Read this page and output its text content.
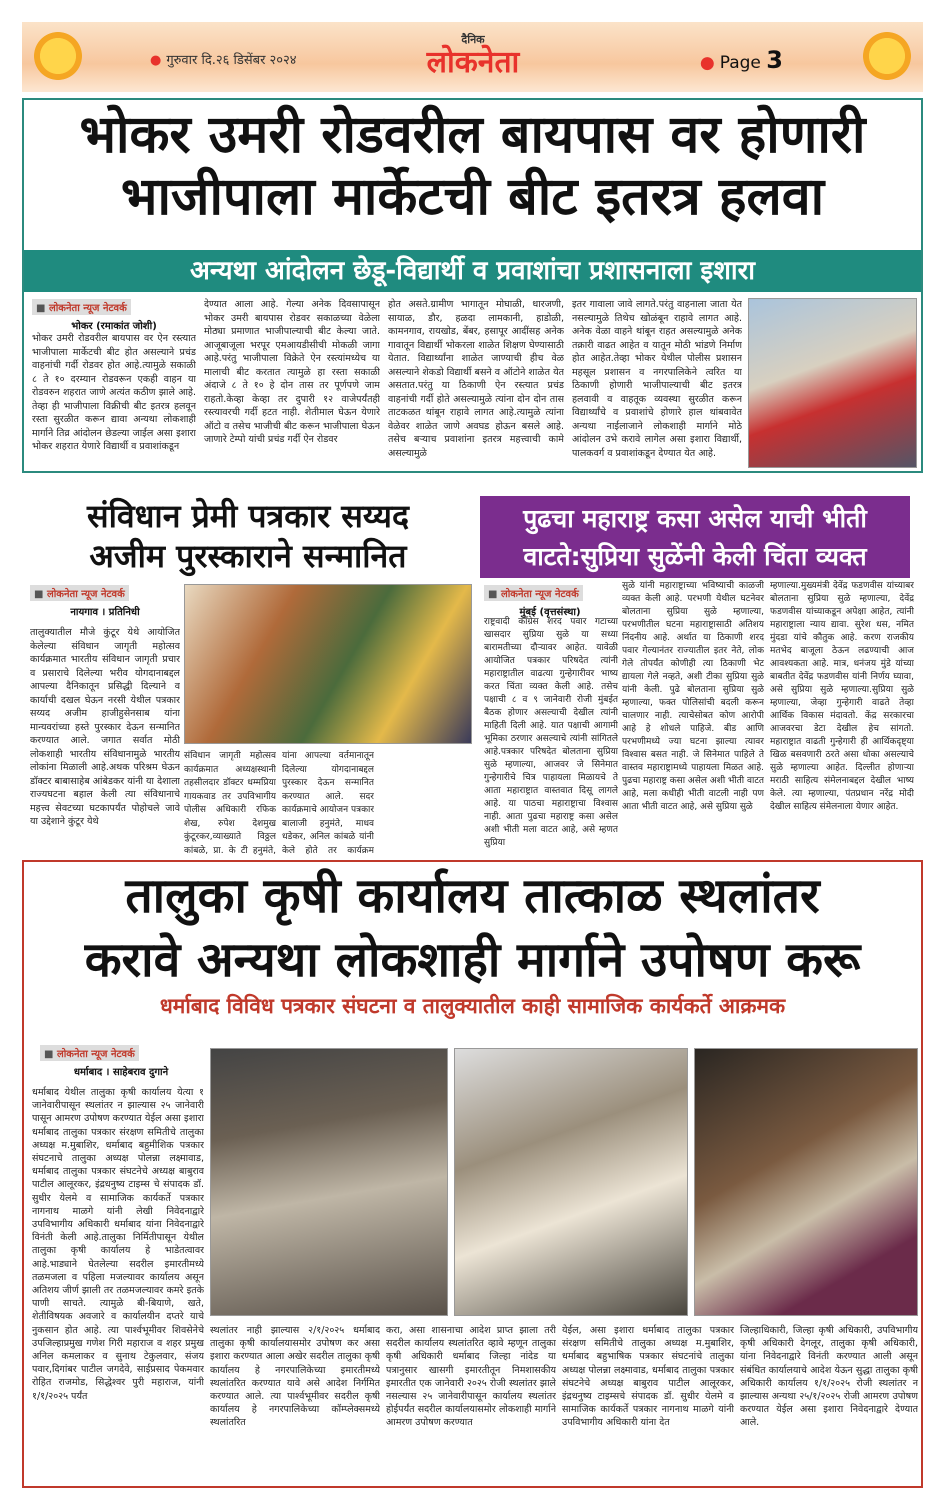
● गुरुवार दि.२६ डिसेंबर २०२४
दैनिक
लोकनेता
●	Page 3
भोकर उमरी रोडवरील बायपास वर होणारी
भाजीपाला मार्केटची बीट इतरत्र हलवा
अन्यथा आंदोलन छेडू-विद्यार्थी व प्रवाशांचा प्रशासनाला इशारा
■ लोकनेता न्यूज नेटवर्क
भोकर (रमाकांत जोशी)
भोकर उमरी रोडवरील बायपास वर ऐन रस्त्यात भाजीपाला मार्केटची बीट होत असल्याने प्रचंड वाहनांची गर्दी रोडवर होत आहे.त्यामुळे सकाळी ८ ते १० दरम्यान रोडवरून एकही वाहन या रोडवरुन शहरात जाणे अत्यंत कठीण झाले आहे. तेव्हा ही भाजीपाला विक्रीची बीट इतरत्र हलवून रस्ता सुरळीत करून द्यावा अन्यथा लोकशाही मार्गाने तिव्र आंदोलन छेडल्या जाईल असा इशारा भोकर शहरात येणारे विद्यार्थी व प्रवाशांकडून
देण्यात आला आहे. गेल्या अनेक दिवसापासून भोकर उमरी बायपास रोडवर सकाळच्या वेळेला मोठ्या प्रमाणात भाजीपाल्याची बीट केल्या जाते. आजूबाजूला भरपूर एमआयडीसीची मोकळी जागा आहे.परंतु भाजीपाला विक्रेते ऐन रस्त्यांमध्येच या मालाची बीट करतात त्यामुळे हा रस्ता सकाळी अंदाजे ८ ते १० हे दोन तास तर पूर्णपणे जाम राहतो.केव्हा केव्हा तर दुपारी १२ वाजेपर्यंतही रस्त्यावरची गर्दी हटत नाही. शेतीमाल घेऊन येणारे ऑटो व तसेच भाजीची बीट करून भाजीपाला घेऊन जाणारे टेम्पो यांची प्रचंड गर्दी ऐन रोडवर
होत असते.ग्रामीण भागातून मोघाळी, धारजणी, सायाळ, डौर, हळदा लामकानी, हाडोळी, कामनगाव, रायखोड, बेंबर, हसापूर आदींसह अनेक गावातून विद्यार्थी भोकरला शाळेत शिक्षण घेण्यासाठी येतात. विद्यार्थ्यांना शाळेत जाण्याची हीच वेळ असल्याने शेकडो विद्यार्थी बसने व ऑटोने शाळेत येत असतात.परंतु या ठिकाणी ऐन रस्त्यात प्रचंड वाहनांची गर्दी होते असल्यामुळे त्यांना दोन दोन तास ताटकळत थांबून राहावे लागत आहे.त्यामुळे त्यांना वेळेवर शाळेत जाणे अवघड होऊन बसले आहे. तसेच बऱ्याच प्रवाशांना इतरत्र महत्त्वाची कामे असल्यामुळे
इतर गावाला जावे लागते.परंतु वाहनाला जाता येत नसल्यामुळे तिथेच खोळंबून राहावे लागत आहे. अनेक वेळा वाहने थांबून राहत असल्यामुळे अनेक तक्रारी वाढत आहेत व यातून मोठी भांडणे निर्माण होत आहेत.तेव्हा भोकर येथील पोलीस प्रशासन महसूल प्रशासन व नगरपालिकेने त्वरित या ठिकाणी होणारी भाजीपाल्याची बीट इतरत्र हलवावी व वाहतूक व्यवस्था सुरळीत करून विद्यार्थ्यांचे व प्रवाशांचे होणारे हाल थांबवावेत अन्यथा नाईलाजाने लोकशाही मार्गाने मोठे आंदोलन उभे करावे लागेल असा इशारा विद्यार्थी, पालकवर्ग व प्रवाशांकडून देण्यात येत आहे.
संविधान प्रेमी पत्रकार सय्यद
अजीम पुरस्काराने सन्मानित
■ लोकनेता न्यूज नेटवर्क
नायगाव । प्रतिनिधी
तालुक्यातील मौजे कुंटूर येथे आयोजित केलेल्या संविधान जागृती महोत्सव कार्यक्रमात भारतीय संविधान जागृती प्रचार व प्रसाराचे दिलेल्या भरीव योगदानाबद्दल आपल्या दैनिकातून प्रसिद्धी दिल्याने व कार्याची दखल घेऊन नरसी येथील पत्रकार सय्यद अजीम हाजीहुसेनसाब यांना मान्यवरांच्या हस्ते पुरस्कार देऊन सन्मानित करण्यात आले. जगात सर्वात मोठी लोकशाही भारतीय संविधानामुळे भारतीय लोकांना मिळाली आहे.अथक परिश्रम घेऊन डॉक्टर बाबासाहेब आंबेडकर यांनी या देशाला राज्यघटना बहाल केली त्या संविधानाचे महत्त्व सेवटच्या घटकापर्यंत पोहोचले जावे या उद्देशाने कुंटूर येथे
संविधान जागृती महोत्सव कार्यक्रमात अध्यक्षस्थानी तहसीलदार डॉक्टर धम्मप्रिया गायकवाड तर उपविभागीय पोलीस अधिकारी रफिक शेख, रुपेश देशमुख कुंटूरकर,व्याख्याते विठ्ठल कांबळे, प्रा. के टी हनुमंते,
यांना आपल्या वर्तमानातून दिलेल्या योगदानाबद्दल पुरस्कार देऊन सन्मानित करण्यात आले. सदर कार्यक्रमाचे आयोजन पत्रकार बालाजी हनुमंते, माधव धडेकर, अनिल कांबळे यांनी केले होते तर कार्यक्रम
पुढचा महाराष्ट्र कसा असेल याची भीती
वाटते:सुप्रिया सुळेंनी केली चिंता व्यक्त
■ लोकनेता न्यूज नेटवर्क
मुंबई (वृत्तसंस्था)
राष्ट्रवादी काँग्रेस शरद पवार गटाच्या खासदार सुप्रिया सुळे या सध्या बारामतीच्या दौऱ्यावर आहेत. यावेळी आयोजित पत्रकार परिषदेत त्यांनी महाराष्ट्रातील वाढत्या गुन्हेगारीवर भाष्य करत चिंता व्यक्त केली आहे. तसेच पक्षाची ८ व ९ जानेवारी रोजी मुंबईत बैठक होणार असल्याची देखील त्यांनी माहिती दिली आहे. यात पक्षाची आगामी भूमिका ठरणार असल्याचे त्यांनी सांगितले आहे.पत्रकार परिषदेत बोलताना सुप्रिया सुळे म्हणाल्या, आजवर जे सिनेमात गुन्हेगारीचे चित्र पाहायला मिळायचे ते आता महाराष्ट्रात वास्तवात दिसू लागले आहे. या पाठचा महाराष्ट्राचा विश्वास नाही. आता पुढचा महाराष्ट्र कसा असेल अशी भीती मला वाटत आहे, असे म्हणत सुप्रिया
सुळे यांनी महाराष्ट्राच्या भविष्याची काळजी व्यक्त केली आहे. परभणी येथील घटनेवर बोलताना सुप्रिया सुळे म्हणाल्या, परभणीतील घटना महाराष्ट्रासाठी अतिशय निंदनीय आहे. अर्थात या ठिकाणी शरद पवार गेल्यानंतर राज्यातील इतर नेते, लोक गेले तोपर्यंत कोणीही त्या ठिकाणी भेट द्यायला गेले नव्हते, अशी टीका सुप्रिया सुळे यांनी केली. पुढे बोलताना सुप्रिया सुळे म्हणाल्या, फक्त पोलिसांची बदली करून चालणार नाही. त्याचेसोबत कोण आरोपी आहे हे शोधले पाहिजे. बीड आणि परभणीमध्ये ज्या घटना झाल्या त्यावर विश्वास बसत नाही. जे सिनेमात पाहिले ते वास्तव महाराष्ट्रामध्ये पाहायला मिळत आहे. पुढचा महाराष्ट्र कसा असेल अशी भीती वाटत आहे, मला कधीही भीती वाटली नाही पण आता भीती वाटत आहे, असे सुप्रिया सुळे
म्हणाल्या.मुख्यमंत्री देवेंद्र फडणवीस यांच्याबर बोलताना सुप्रिया सुळे म्हणाल्या, देवेंद्र फडणवीस यांच्याकडून अपेक्षा आहेत, त्यांनी महाराष्ट्राला न्याय द्यावा. सुरेश धस, नमित मुंदडा यांचे कौतुक आहे. करण राजकीय मतभेद बाजूला ठेऊन लढण्याची आज आवश्यकता आहे. मात्र, धनंजय मुंडे यांच्या बाबतीत देवेंद्र फडणवीस यांनी निर्णय घ्यावा, असे सुप्रिया सुळे म्हणाल्या.सुप्रिया सुळे म्हणाल्या, जेव्हा गुन्हेगारी वाढते तेव्हा आर्थिक विकास मंदावतो. केंद्र सरकारचा आजवरचा डेटा देखील हेच सांगतो. महाराष्ट्रात वाढती गुन्हेगारी ही आर्थिकदृष्ट्या खिळ बसवणारी ठरते असा धोका असल्याचे सुळे म्हणाल्या आहेत. दिल्लीत होणाऱ्या मराठी साहित्य संमेलनाबद्दल देखील भाष्य केले. त्या म्हणाल्या, पंतप्रधान नरेंद्र मोदी देखील साहित्य संमेलनाला येणार आहेत.
तालुका कृषी कार्यालय तात्काळ स्थलांतर
करावे अन्यथा लोकशाही मार्गाने उपोषण करू
धर्माबाद विविध पत्रकार संघटना व तालुक्यातील काही सामाजिक कार्यकर्ते आक्रमक
■ लोकनेता न्यूज नेटवर्क
धर्माबाद । साहेबराव दुगाने
धर्माबाद येथील तालुका कृषी कार्यालय येत्या १ जानेवारीपासून स्थलांतर न झाल्यास २५ जानेवारी पासून आमरण उपोषण करण्यात येईल असा इशारा धर्माबाद तालुका पत्रकार संरक्षण समितीचे तालुका अध्यक्ष म.मुबाशिर, धर्माबाद बहुमीशिक पत्रकार संघटनाचे तालुका अध्यक्ष पोलन्ना लक्ष्मावाड, धर्माबाद तालुका पत्रकार संघटनेचे अध्यक्ष बाबुराव पाटील आलूरकर, इंद्रधनुष्य टाइम्स चे संपादक डॉ. सुधीर येलमे व सामाजिक कार्यकर्ते पत्रकार नागनाथ माळगे यांनी लेखी निवेदनाद्वारे उपविभागीय अधिकारी धर्माबाद यांना निवेदनाद्वारे विनंती केली आहे.तालुका निर्मितीपासून येथील तालुका कृषी कार्यालय हे भाडेतत्वावर आहे.भाड्याने घेतलेल्या सदरील इमारतीमध्ये तळमजला व पहिला मजल्यावर कार्यालय असून अतिशय जीर्ण झाली तर तळमजल्यावर कमरे इतके पाणी साचते. त्यामुळे बी-बियाणे, खते, शेतीविषयक अवजारे व कार्यालयीन दप्तरे याचे नुकसान होत आहे. त्या पार्श्वभूमीवर शिवसेनेचे उपजिल्हाप्रमुख गणेश गिरी महाराज व शहर प्रमुख अनिल कमलाकर व सुनाथ टेकुलवार, संजय पवार,दिगांबर पाटील जगदेवे, साईप्रसाद पेकमवार रोहित राजमोड, सिद्धेश्वर पुरी महाराज, यांनी १/१/२०२५ पर्यंत
स्थलांतर नाही झाल्यास २/१/२०२५ धर्माबाद तालुका कृषी कार्यालयासमोर उपोषण कर असा इशारा करण्यात आला अखेर सदरील तालुका कृषी कार्यालय हे नगरपालिकेच्या इमारतीमध्ये स्थलांतरित करण्यात यावे असे आदेश निर्गमित करण्यात आले. त्या पार्श्वभूमीवर सदरील कृषी कार्यालय हे नगरपालिकेच्या कॉम्प्लेक्समध्ये स्थलांतरित
करा, असा शासनाचा आदेश प्राप्त झाला तरी सदरील कार्यालय स्थलांतरित व्हावे म्हणून तालुका कृषी अधिकारी धर्माबाद जिल्हा नांदेड या पत्रानुसार खासगी इमारतीतून निमशासकीय इमारतीत एक जानेवारी २०२५ रोजी स्थलांतर झाले नसल्यास २५ जानेवारीपासून कार्यालय स्थलांतर होईपर्यंत सदरील कार्यालयासमोर लोकशाही मार्गाने आमरण उपोषण करण्यात
येईल, असा इशारा धर्माबाद तालुका पत्रकार संरक्षण समितीचे तालुका अध्यक्ष म.मुबाशिर, धर्माबाद बहुभाषिक पत्रकार संघटनांचे तालुका अध्यक्ष पोलन्ना लक्ष्मावाड, धर्माबाद तालुका पत्रकार संघटनेचे अध्यक्ष बाबुराव पाटील आलूरकर, इंद्रधनुष्य टाइम्सचे संपादक डॉ. सुधीर येलमे व सामाजिक कार्यकर्ते पत्रकार नागनाथ माळगे यांनी उपविभागीय अधिकारी यांना देत
जिल्हाधिकारी, जिल्हा कृषी अधिकारी, उपविभागीय कृषी अधिकारी देगलूर, तालुका कृषी अधिकारी, यांना निवेदनाद्वारे विनंती करण्यात आली असून संबंधित कार्यालयाचे आदेश येऊन सुद्धा तालुका कृषी अधिकारी कार्यालय १/१/२०२५ रोजी स्थलांतर न झाल्यास अन्यथा २५/१/२०२५ रोजी आमरण उपोषण करण्यात येईल असा इशारा निवेदनाद्वारे देण्यात आले.
